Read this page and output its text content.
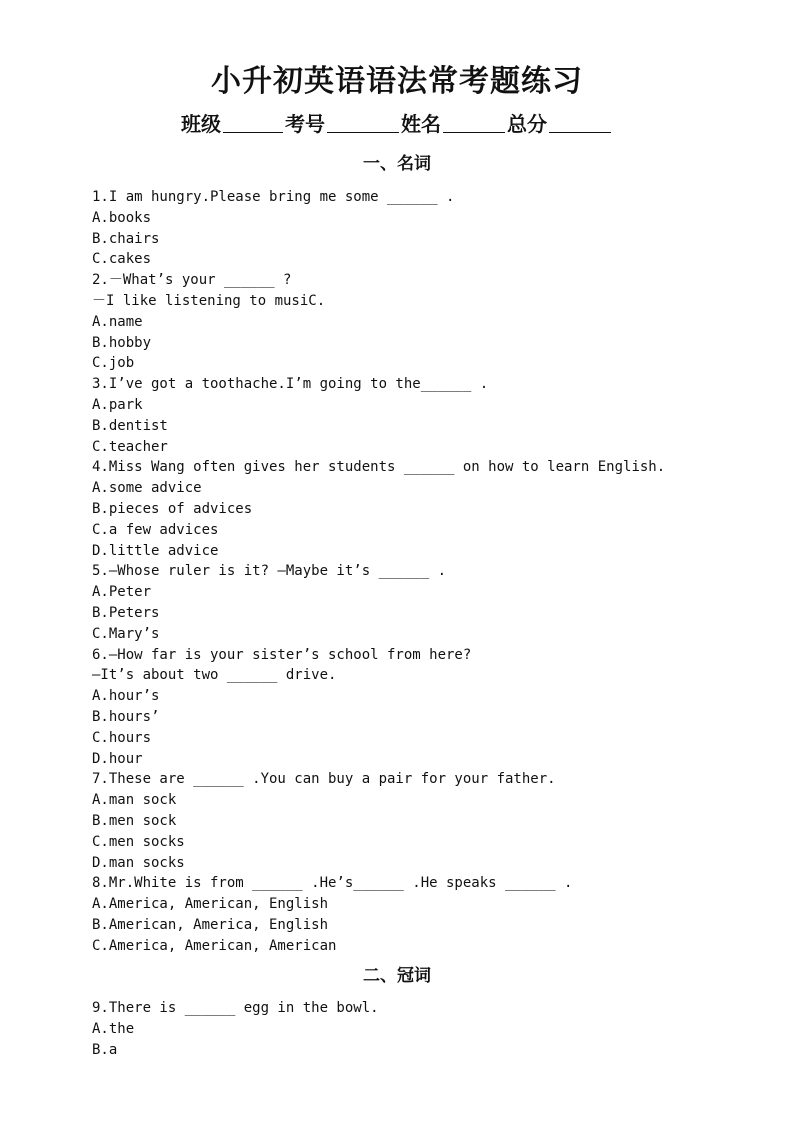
小升初英语语法常考题练习
班级	考号	姓名	总分
一、名词
1.I am hungry.Please bring me some ______ .
A.books
B.chairs
C.cakes
2.－What’s your ______ ?
－I like listening to musiC.
A.name
B.hobby
C.job
3.I’ve got a toothache.I’m going to the______ .
A.park
B.dentist
C.teacher
4.Miss Wang often gives her students ______ on how to learn English.
A.some advice
B.pieces of advices
C.a few advices
D.little advice
5.—Whose ruler is it? —Maybe it’s ______ .
A.Peter
B.Peters
C.Mary’s
6.—How far is your sister’s school from here?
—It’s about two ______ drive.
A.hour’s
B.hours’
C.hours
D.hour
7.These are ______ .You can buy a pair for your father.
A.man sock
B.men sock
C.men socks
D.man socks
8.Mr.White is from ______ .He’s______ .He speaks ______ .
A.America, American, English
B.American, America, English
C.America, American, American
二、冠词
9.There is ______ egg in the bowl.
A.the
B.a
